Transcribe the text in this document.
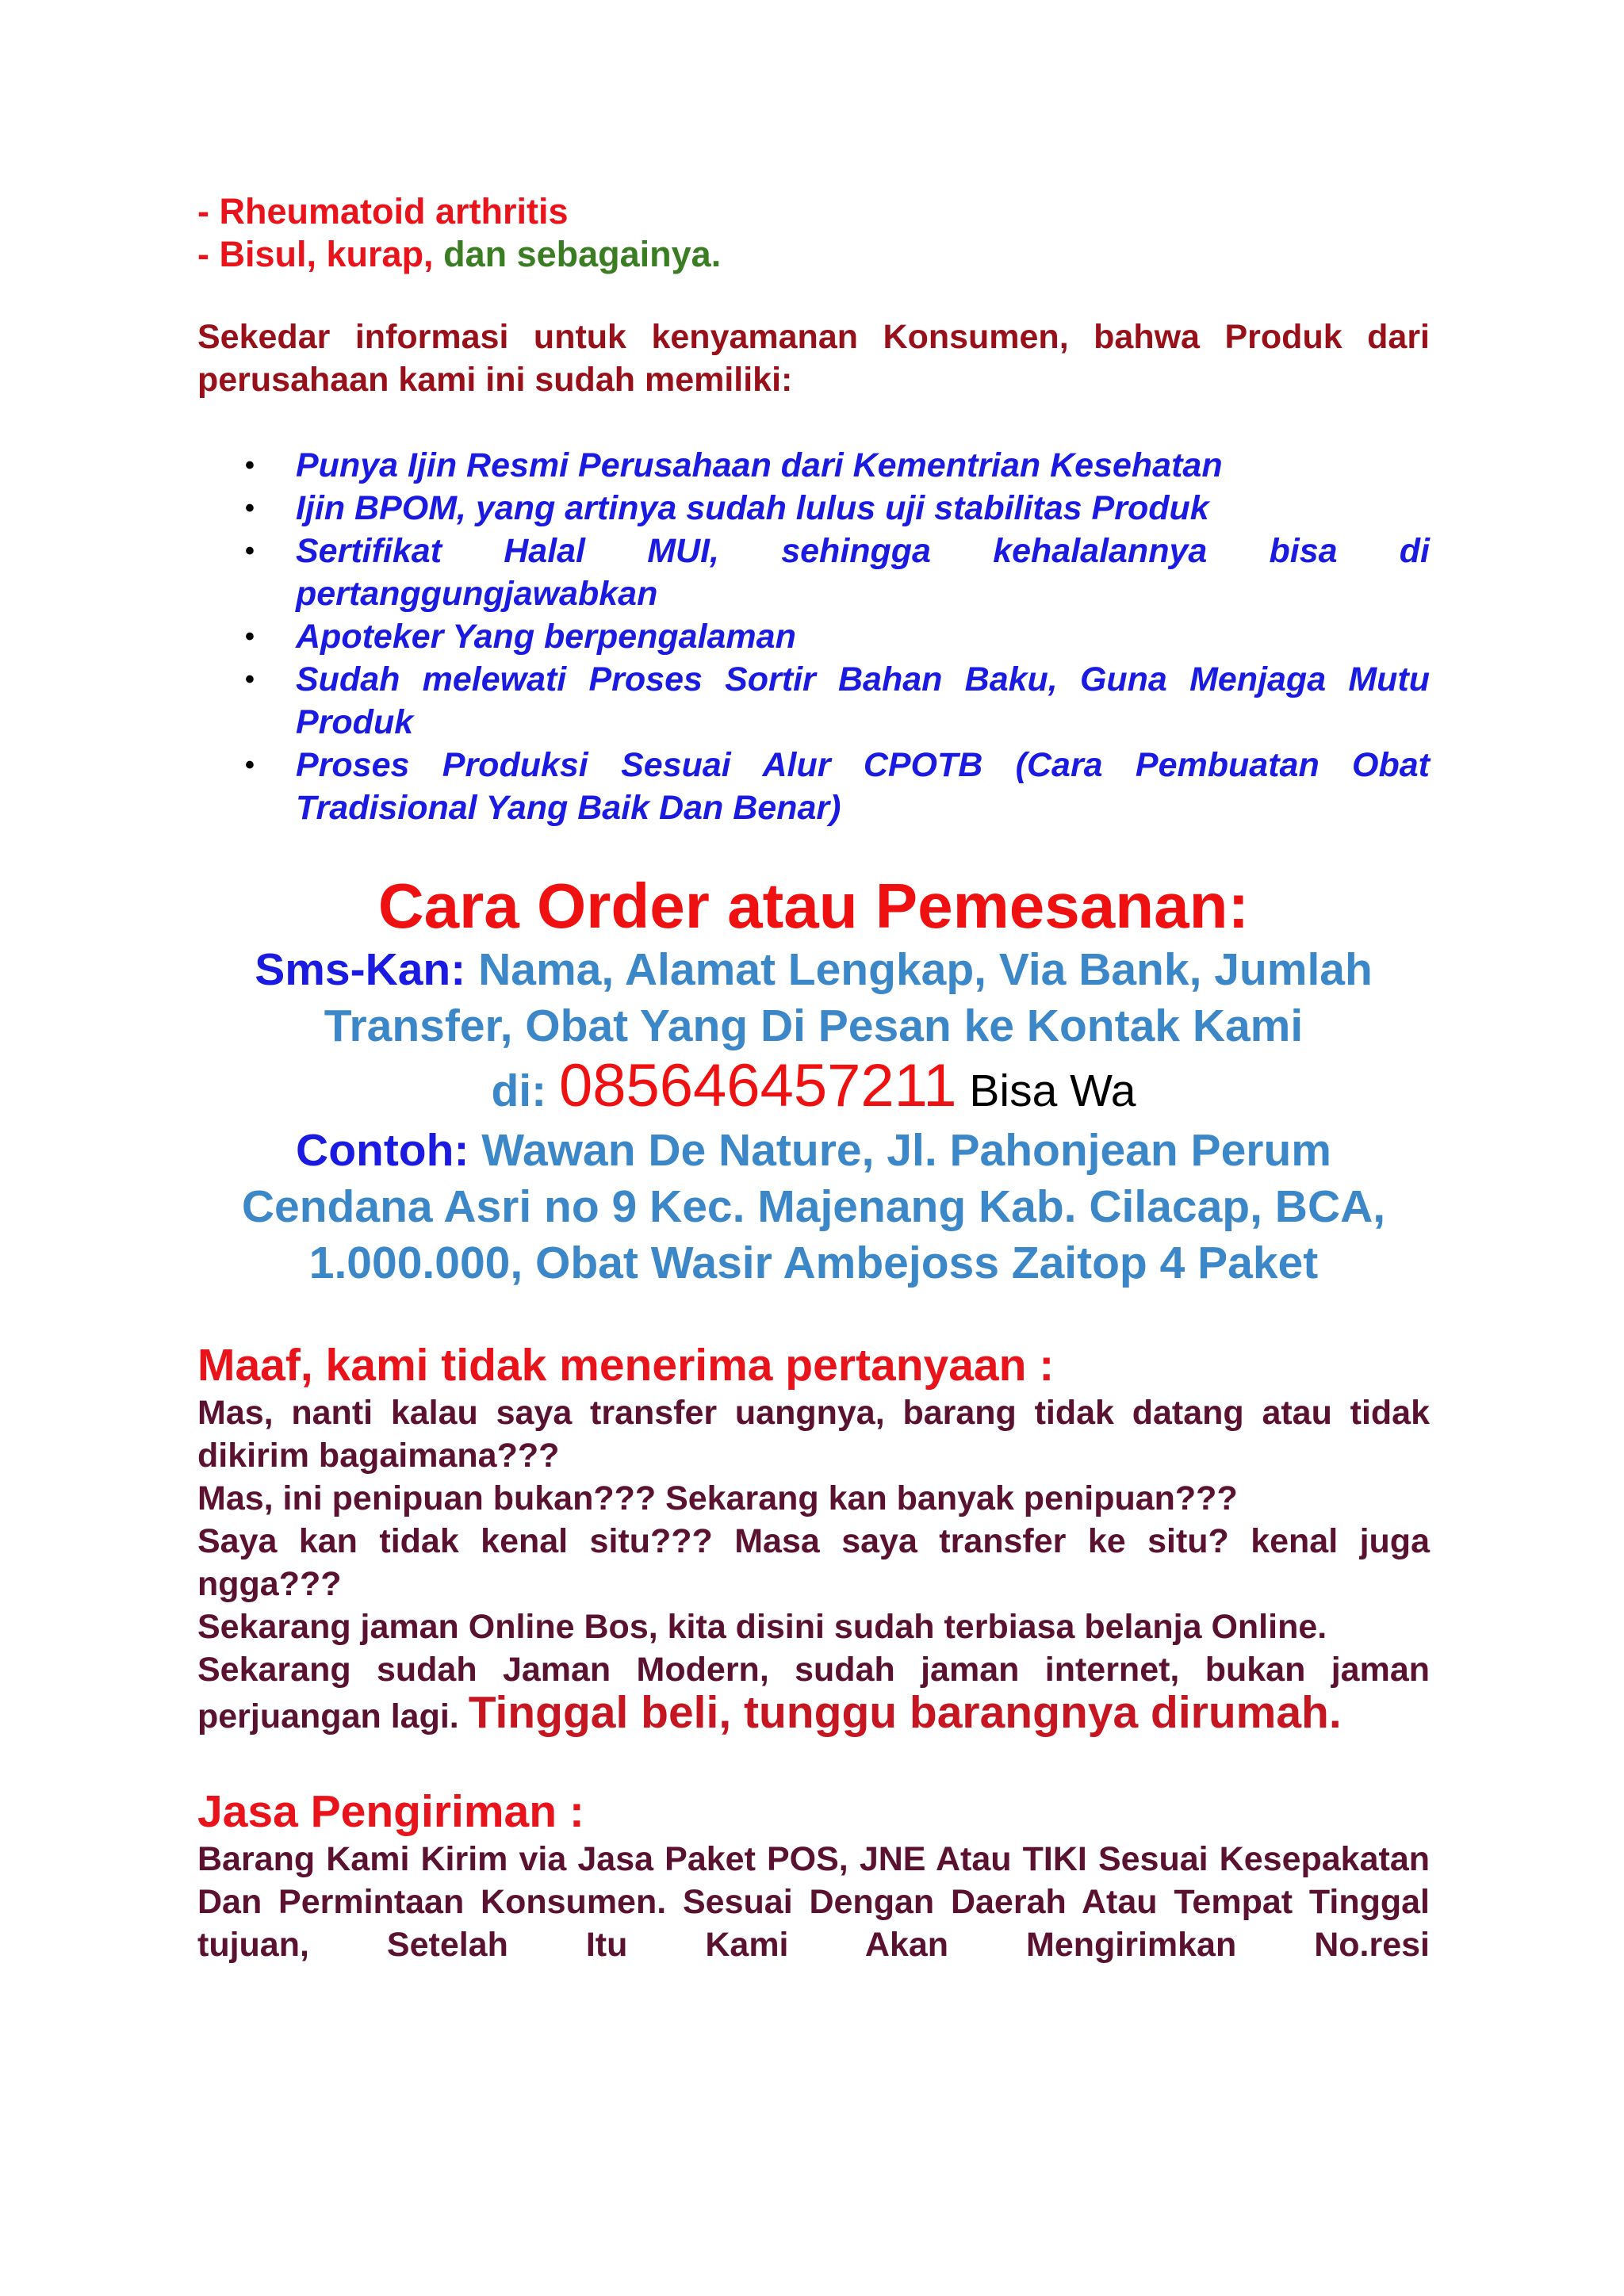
- Rheumatoid arthritis

- Bisul, kurap, dan sebagainya.

Sekedar informasi untuk kenyamanan Konsumen, bahwa Produk dari perusahaan kami ini sudah memiliki:

• Punya Ijin Resmi Perusahaan dari Kementrian Kesehatan
• Ijin BPOM, yang artinya sudah lulus uji stabilitas Produk
• Sertifikat Halal MUI, sehingga kehalalannya bisa di pertanggungjawabkan
• Apoteker Yang berpengalaman
• Sudah melewati Proses Sortir Bahan Baku, Guna Menjaga Mutu Produk
• Proses Produksi Sesuai Alur CPOTB (Cara Pembuatan Obat Tradisional Yang Baik Dan Benar)
Cara Order atau Pemesanan:

Sms-Kan: Nama, Alamat Lengkap, Via Bank, Jumlah Transfer, Obat Yang Di Pesan ke Kontak Kami

di: 085646457211 Bisa Wa

Contoh: Wawan De Nature, Jl. Pahonjean Perum Cendana Asri no 9 Kec. Majenang Kab. Cilacap, BCA, 1.000.000, Obat Wasir Ambejoss Zaitop 4 Paket

Maaf, kami tidak menerima pertanyaan :

Mas, nanti kalau saya transfer uangnya, barang tidak datang atau tidak dikirim bagaimana???

Mas, ini penipuan bukan??? Sekarang kan banyak penipuan???

Saya kan tidak kenal situ??? Masa saya transfer ke situ? kenal juga ngga???

Sekarang jaman Online Bos, kita disini sudah terbiasa belanja Online.

Sekarang sudah Jaman Modern, sudah jaman internet, bukan jaman perjuangan lagi. Tinggal beli, tunggu barangnya dirumah.

Jasa Pengiriman :

Barang Kami Kirim via Jasa Paket POS, JNE Atau TIKI Sesuai Kesepakatan Dan Permintaan Konsumen. Sesuai Dengan Daerah Atau Tempat Tinggal tujuan, Setelah Itu Kami Akan Mengirimkan No.resi
